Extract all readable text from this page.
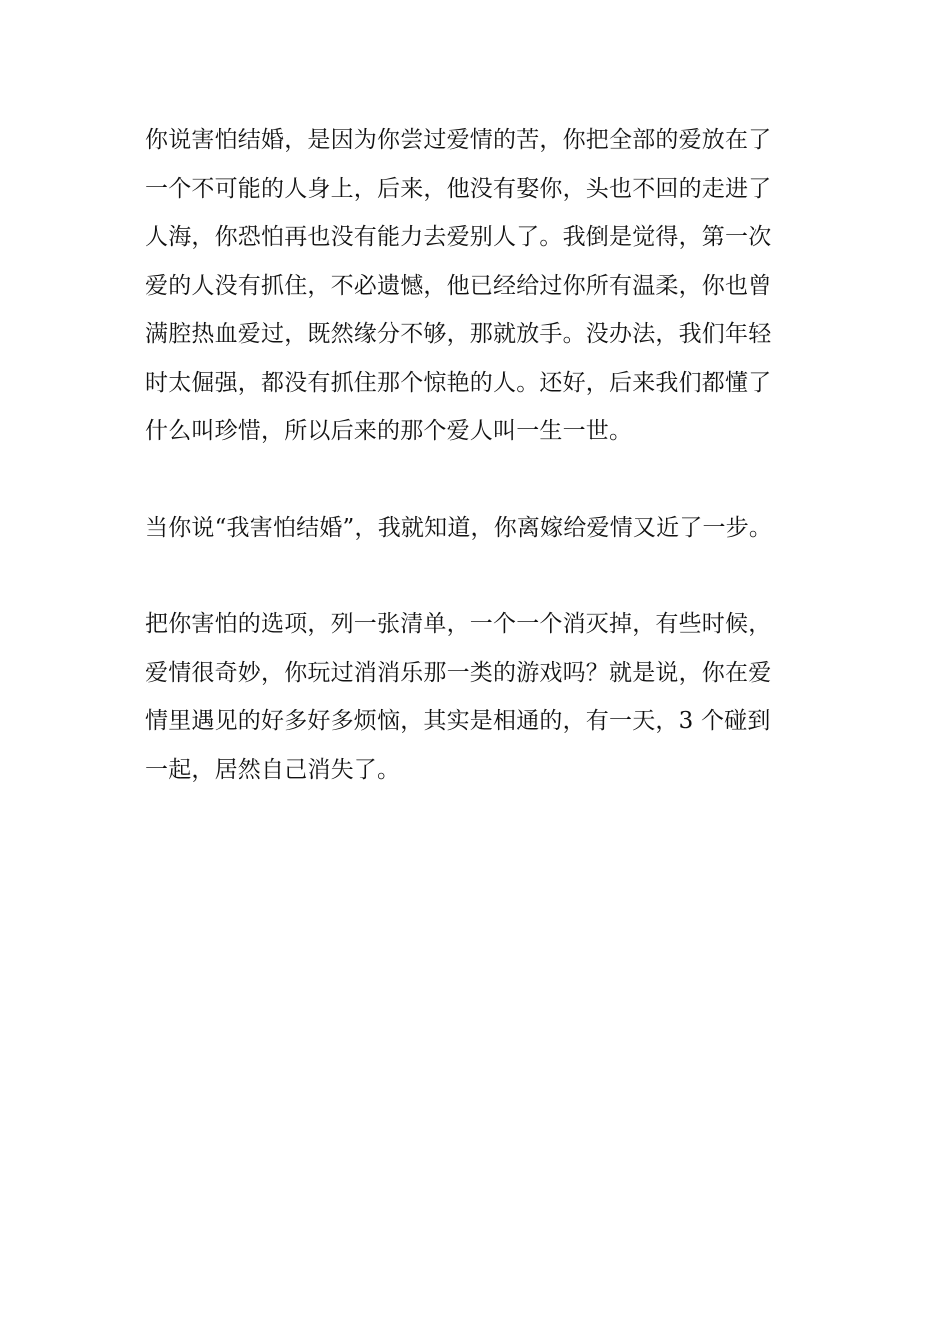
你说害怕结婚，是因为你尝过爱情的苦，你把全部的爱放在了
一个不可能的人身上，后来，他没有娶你，头也不回的走进了
人海，你恐怕再也没有能力去爱别人了。我倒是觉得，第一次
爱的人没有抓住，不必遗憾，他已经给过你所有温柔，你也曾
满腔热血爱过，既然缘分不够，那就放手。没办法，我们年轻
时太倔强，都没有抓住那个惊艳的人。还好，后来我们都懂了
什么叫珍惜，所以后来的那个爱人叫一生一世。
当你说“我害怕结婚”，我就知道，你离嫁给爱情又近了一步。
把你害怕的选项，列一张清单，一个一个消灭掉，有些时候，
爱情很奇妙，你玩过消消乐那一类的游戏吗？就是说，你在爱
情里遇见的好多好多烦恼，其实是相通的，有一天，3 个碰到
一起，居然自己消失了。
